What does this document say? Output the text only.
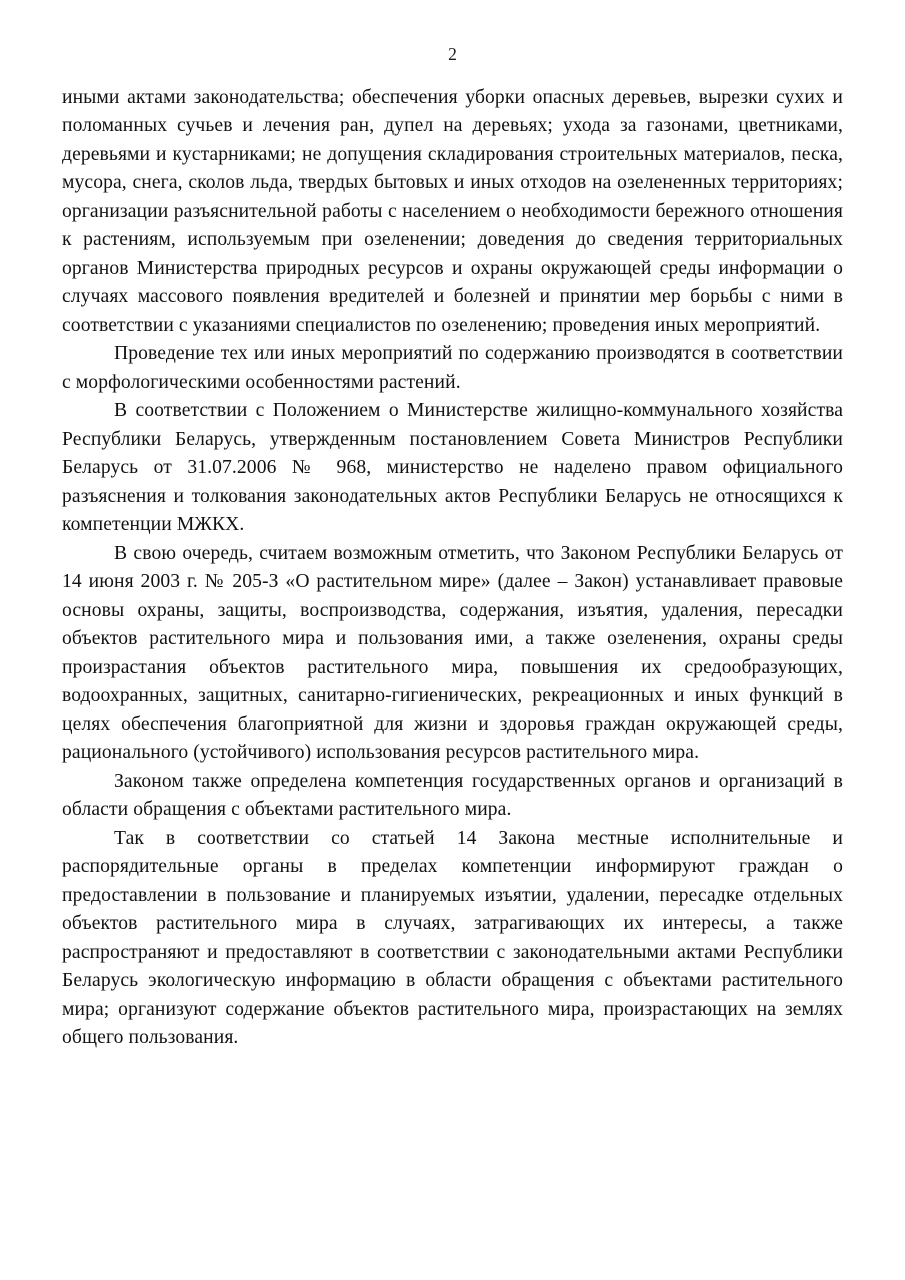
2

иными актами законодательства; обеспечения уборки опасных деревьев, вырезки сухих и поломанных сучьев и лечения ран, дупел на деревьях; ухода за газонами, цветниками, деревьями и кустарниками; не допущения складирования строительных материалов, песка, мусора, снега, сколов льда, твердых бытовых и иных отходов на озелененных территориях; организации разъяснительной работы с населением о необходимости бережного отношения к растениям, используемым при озеленении; доведения до сведения территориальных органов Министерства природных ресурсов и охраны окружающей среды информации о случаях массового появления вредителей и болезней и принятии мер борьбы с ними в соответствии с указаниями специалистов по озеленению; проведения иных мероприятий.

Проведение тех или иных мероприятий по содержанию производятся в соответствии с морфологическими особенностями растений.

В соответствии с Положением о Министерстве жилищно-коммунального хозяйства Республики Беларусь, утвержденным постановлением Совета Министров Республики Беларусь от 31.07.2006 № 968, министерство не наделено правом официального разъяснения и толкования законодательных актов Республики Беларусь не относящихся к компетенции МЖКХ.

В свою очередь, считаем возможным отметить, что Законом Республики Беларусь от 14 июня 2003 г. № 205-З «О растительном мире» (далее – Закон) устанавливает правовые основы охраны, защиты, воспроизводства, содержания, изъятия, удаления, пересадки объектов растительного мира и пользования ими, а также озеленения, охраны среды произрастания объектов растительного мира, повышения их средообразующих, водоохранных, защитных, санитарно-гигиенических, рекреационных и иных функций в целях обеспечения благоприятной для жизни и здоровья граждан окружающей среды, рационального (устойчивого) использования ресурсов растительного мира.

Законом также определена компетенция государственных органов и организаций в области обращения с объектами растительного мира.

Так в соответствии со статьей 14 Закона местные исполнительные и распорядительные органы в пределах компетенции информируют граждан о предоставлении в пользование и планируемых изъятии, удалении, пересадке отдельных объектов растительного мира в случаях, затрагивающих их интересы, а также распространяют и предоставляют в соответствии с законодательными актами Республики Беларусь экологическую информацию в области обращения с объектами растительного мира; организуют содержание объектов растительного мира, произрастающих на землях общего пользования.
